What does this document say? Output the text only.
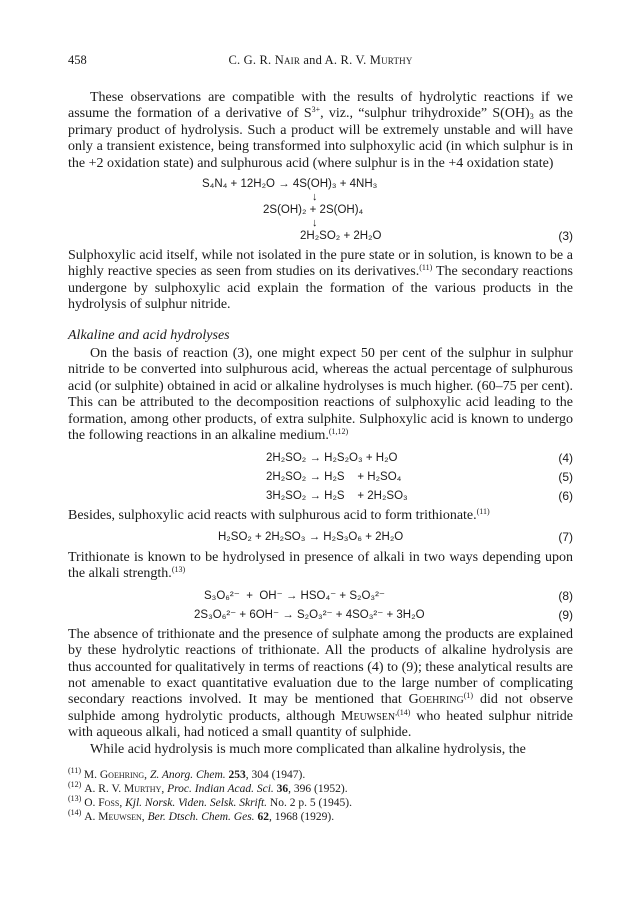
458	C. G. R. Nair and A. R. V. Murthy

These observations are compatible with the results of hydrolytic reactions if we assume the formation of a derivative of $S^{3+}$, viz., “sulphur trihydroxide” $S(OH)_3$ as the primary product of hydrolysis. Such a product will be extremely unstable and will have only a transient existence, being transformed into sulphoxylic acid (in which sulphur is in the +2 oxidation state) and sulphurous acid (where sulphur is in the +4 oxidation state)

S₄N₄ + 12H₂O → 4S(OH)₃ + 4NH₃
↓
2S(OH)₂ + 2S(OH)₄
↓
2H₂SO₂ + 2H₂O	(3)

Sulphoxylic acid itself, while not isolated in the pure state or in solution, is known to be a highly reactive species as seen from studies on its derivatives.$^{(11)}$ The secondary reactions undergone by sulphoxylic acid explain the formation of the various products in the hydrolysis of sulphur nitride.

Alkaline and acid hydrolyses

On the basis of reaction (3), one might expect 50 per cent of the sulphur in sulphur nitride to be converted into sulphurous acid, whereas the actual percentage of sulphurous acid (or sulphite) obtained in acid or alkaline hydrolyses is much higher. (60–75 per cent). This can be attributed to the decomposition reactions of sulphoxylic acid leading to the formation, among other products, of extra sulphite. Sulphoxylic acid is known to undergo the following reactions in an alkaline medium.$^{(1,12)}$

2H₂SO₂ → H₂S₂O₃ + H₂O	(4)
2H₂SO₂ → H₂S    + H₂SO₄	(5)
3H₂SO₂ → H₂S    + 2H₂SO₃	(6)

Besides, sulphoxylic acid reacts with sulphurous acid to form trithionate.$^{(11)}$

H₂SO₂ + 2H₂SO₃ → H₂S₃O₆ + 2H₂O	(7)

Trithionate is known to be hydrolysed in presence of alkali in two ways depending upon the alkali strength.$^{(13)}$

S₃O₆²⁻  +  OH⁻ → HSO₄⁻ + S₂O₃²⁻	(8)
2S₃O₆²⁻ + 6OH⁻ → S₂O₃²⁻ + 4SO₃²⁻ + 3H₂O	(9)

The absence of trithionate and the presence of sulphate among the products are explained by these hydrolytic reactions of trithionate. All the products of alkaline hydrolysis are thus accounted for qualitatively in terms of reactions (4) to (9); these analytical results are not amenable to exact quantitative evaluation due to the large number of complicating secondary reactions involved. It may be mentioned that Goehring$^{(1)}$ did not observe sulphide among hydrolytic products, although Meuwsen$^{,(14)}$ who heated sulphur nitride with aqueous alkali, had noticed a small quantity of sulphide.

While acid hydrolysis is much more complicated than alkaline hydrolysis, the

$^{(11)}$ M. Goehring, Z. Anorg. Chem. 253, 304 (1947).
$^{(12)}$ A. R. V. Murthy, Proc. Indian Acad. Sci. 36, 396 (1952).
$^{(13)}$ O. Foss, Kjl. Norsk. Viden. Selsk. Skrift. No. 2 p. 5 (1945).
$^{(14)}$ A. Meuwsen, Ber. Dtsch. Chem. Ges. 62, 1968 (1929).
